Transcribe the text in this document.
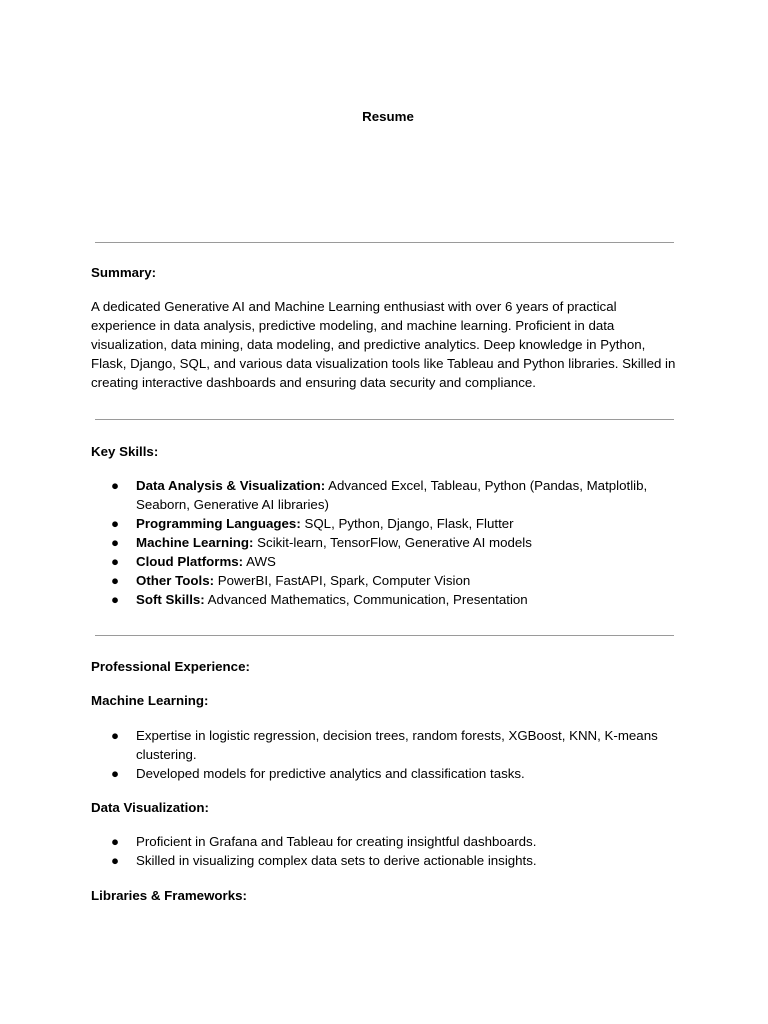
Resume
Summary:

A dedicated Generative AI and Machine Learning enthusiast with over 6 years of practical experience in data analysis, predictive modeling, and machine learning. Proficient in data visualization, data mining, data modeling, and predictive analytics. Deep knowledge in Python, Flask, Django, SQL, and various data visualization tools like Tableau and Python libraries. Skilled in creating interactive dashboards and ensuring data security and compliance.

Key Skills:
● Data Analysis & Visualization: Advanced Excel, Tableau, Python (Pandas, Matplotlib, Seaborn, Generative AI libraries)
● Programming Languages: SQL, Python, Django, Flask, Flutter
● Machine Learning: Scikit-learn, TensorFlow, Generative AI models
● Cloud Platforms: AWS
● Other Tools: PowerBI, FastAPI, Spark, Computer Vision
● Soft Skills: Advanced Mathematics, Communication, Presentation
Professional Experience:
Machine Learning:
● Expertise in logistic regression, decision trees, random forests, XGBoost, KNN, K-means clustering.
● Developed models for predictive analytics and classification tasks.
Data Visualization:
● Proficient in Grafana and Tableau for creating insightful dashboards.
● Skilled in visualizing complex data sets to derive actionable insights.
Libraries & Frameworks:
